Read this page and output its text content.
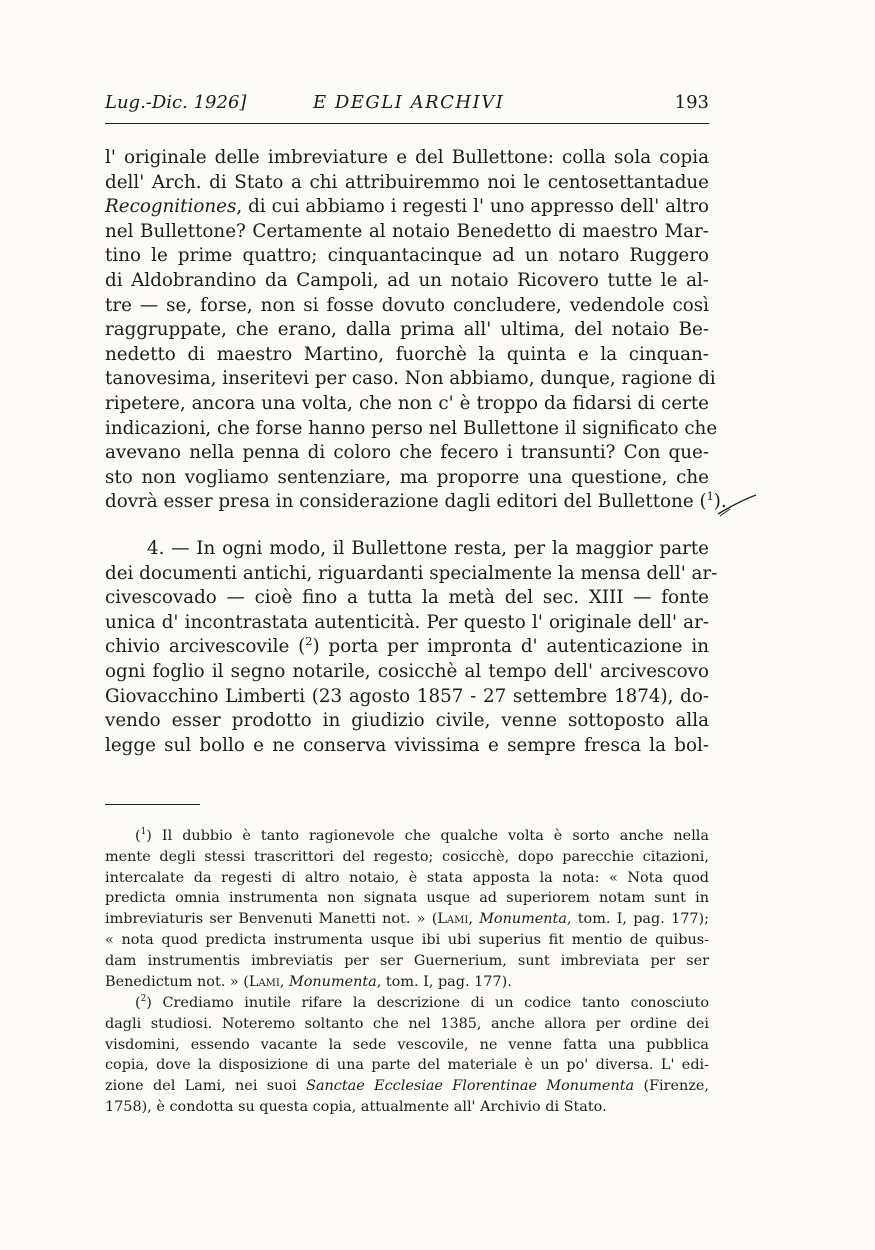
Lug.-Dic. 1926]	E DEGLI ARCHIVI	193
l' originale delle imbreviature e del Bullettone: colla sola copia
dell' Arch. di Stato a chi attribuiremmo noi le centosettantadue
Recognitiones, di cui abbiamo i regesti l' uno appresso dell' altro
nel Bullettone? Certamente al notaio Benedetto di maestro Mar-
tino le prime quattro; cinquantacinque ad un notaro Ruggero
di Aldobrandino da Campoli, ad un notaio Ricovero tutte le al-
tre — se, forse, non si fosse dovuto concludere, vedendole così
raggruppate, che erano, dalla prima all' ultima, del notaio Be-
nedetto di maestro Martino, fuorchè la quinta e la cinquan-
tanovesima, inseritevi per caso. Non abbiamo, dunque, ragione di
ripetere, ancora una volta, che non c' è troppo da fidarsi di certe
indicazioni, che forse hanno perso nel Bullettone il significato che
avevano nella penna di coloro che fecero i transunti? Con que-
sto non vogliamo sentenziare, ma proporre una questione, che
dovrà esser presa in considerazione dagli editori del Bullettone ($^1$).
4. — In ogni modo, il Bullettone resta, per la maggior parte
dei documenti antichi, riguardanti specialmente la mensa dell' ar-
civescovado — cioè fino a tutta la metà del sec. XIII — fonte
unica d' incontrastata autenticità. Per questo l' originale dell' ar-
chivio arcivescovile ($^2$) porta per impronta d' autenticazione in
ogni foglio il segno notarile, cosicchè al tempo dell' arcivescovo
Giovacchino Limberti (23 agosto 1857 - 27 settembre 1874), do-
vendo esser prodotto in giudizio civile, venne sottoposto alla
legge sul bollo e ne conserva vivissima e sempre fresca la bol-
($^1$) Il dubbio è tanto ragionevole che qualche volta è sorto anche nella
mente degli stessi trascrittori del regesto; cosicchè, dopo parecchie citazioni,
intercalate da regesti di altro notaio, è stata apposta la nota: « Nota quod
predicta omnia instrumenta non signata usque ad superiorem notam sunt in
imbreviaturis ser Benvenuti Manetti not. » (Lami, Monumenta, tom. I, pag. 177);
« nota quod predicta instrumenta usque ibi ubi superius fit mentio de quibus-
dam instrumentis imbreviatis per ser Guernerium, sunt imbreviata per ser
Benedictum not. » (Lami, Monumenta, tom. I, pag. 177).
($^2$) Crediamo inutile rifare la descrizione di un codice tanto conosciuto
dagli studiosi. Noteremo soltanto che nel 1385, anche allora per ordine dei
visdomini, essendo vacante la sede vescovile, ne venne fatta una pubblica
copia, dove la disposizione di una parte del materiale è un po' diversa. L' edi-
zione del Lami, nei suoi Sanctae Ecclesiae Florentinae Monumenta (Firenze,
1758), è condotta su questa copia, attualmente all' Archivio di Stato.
